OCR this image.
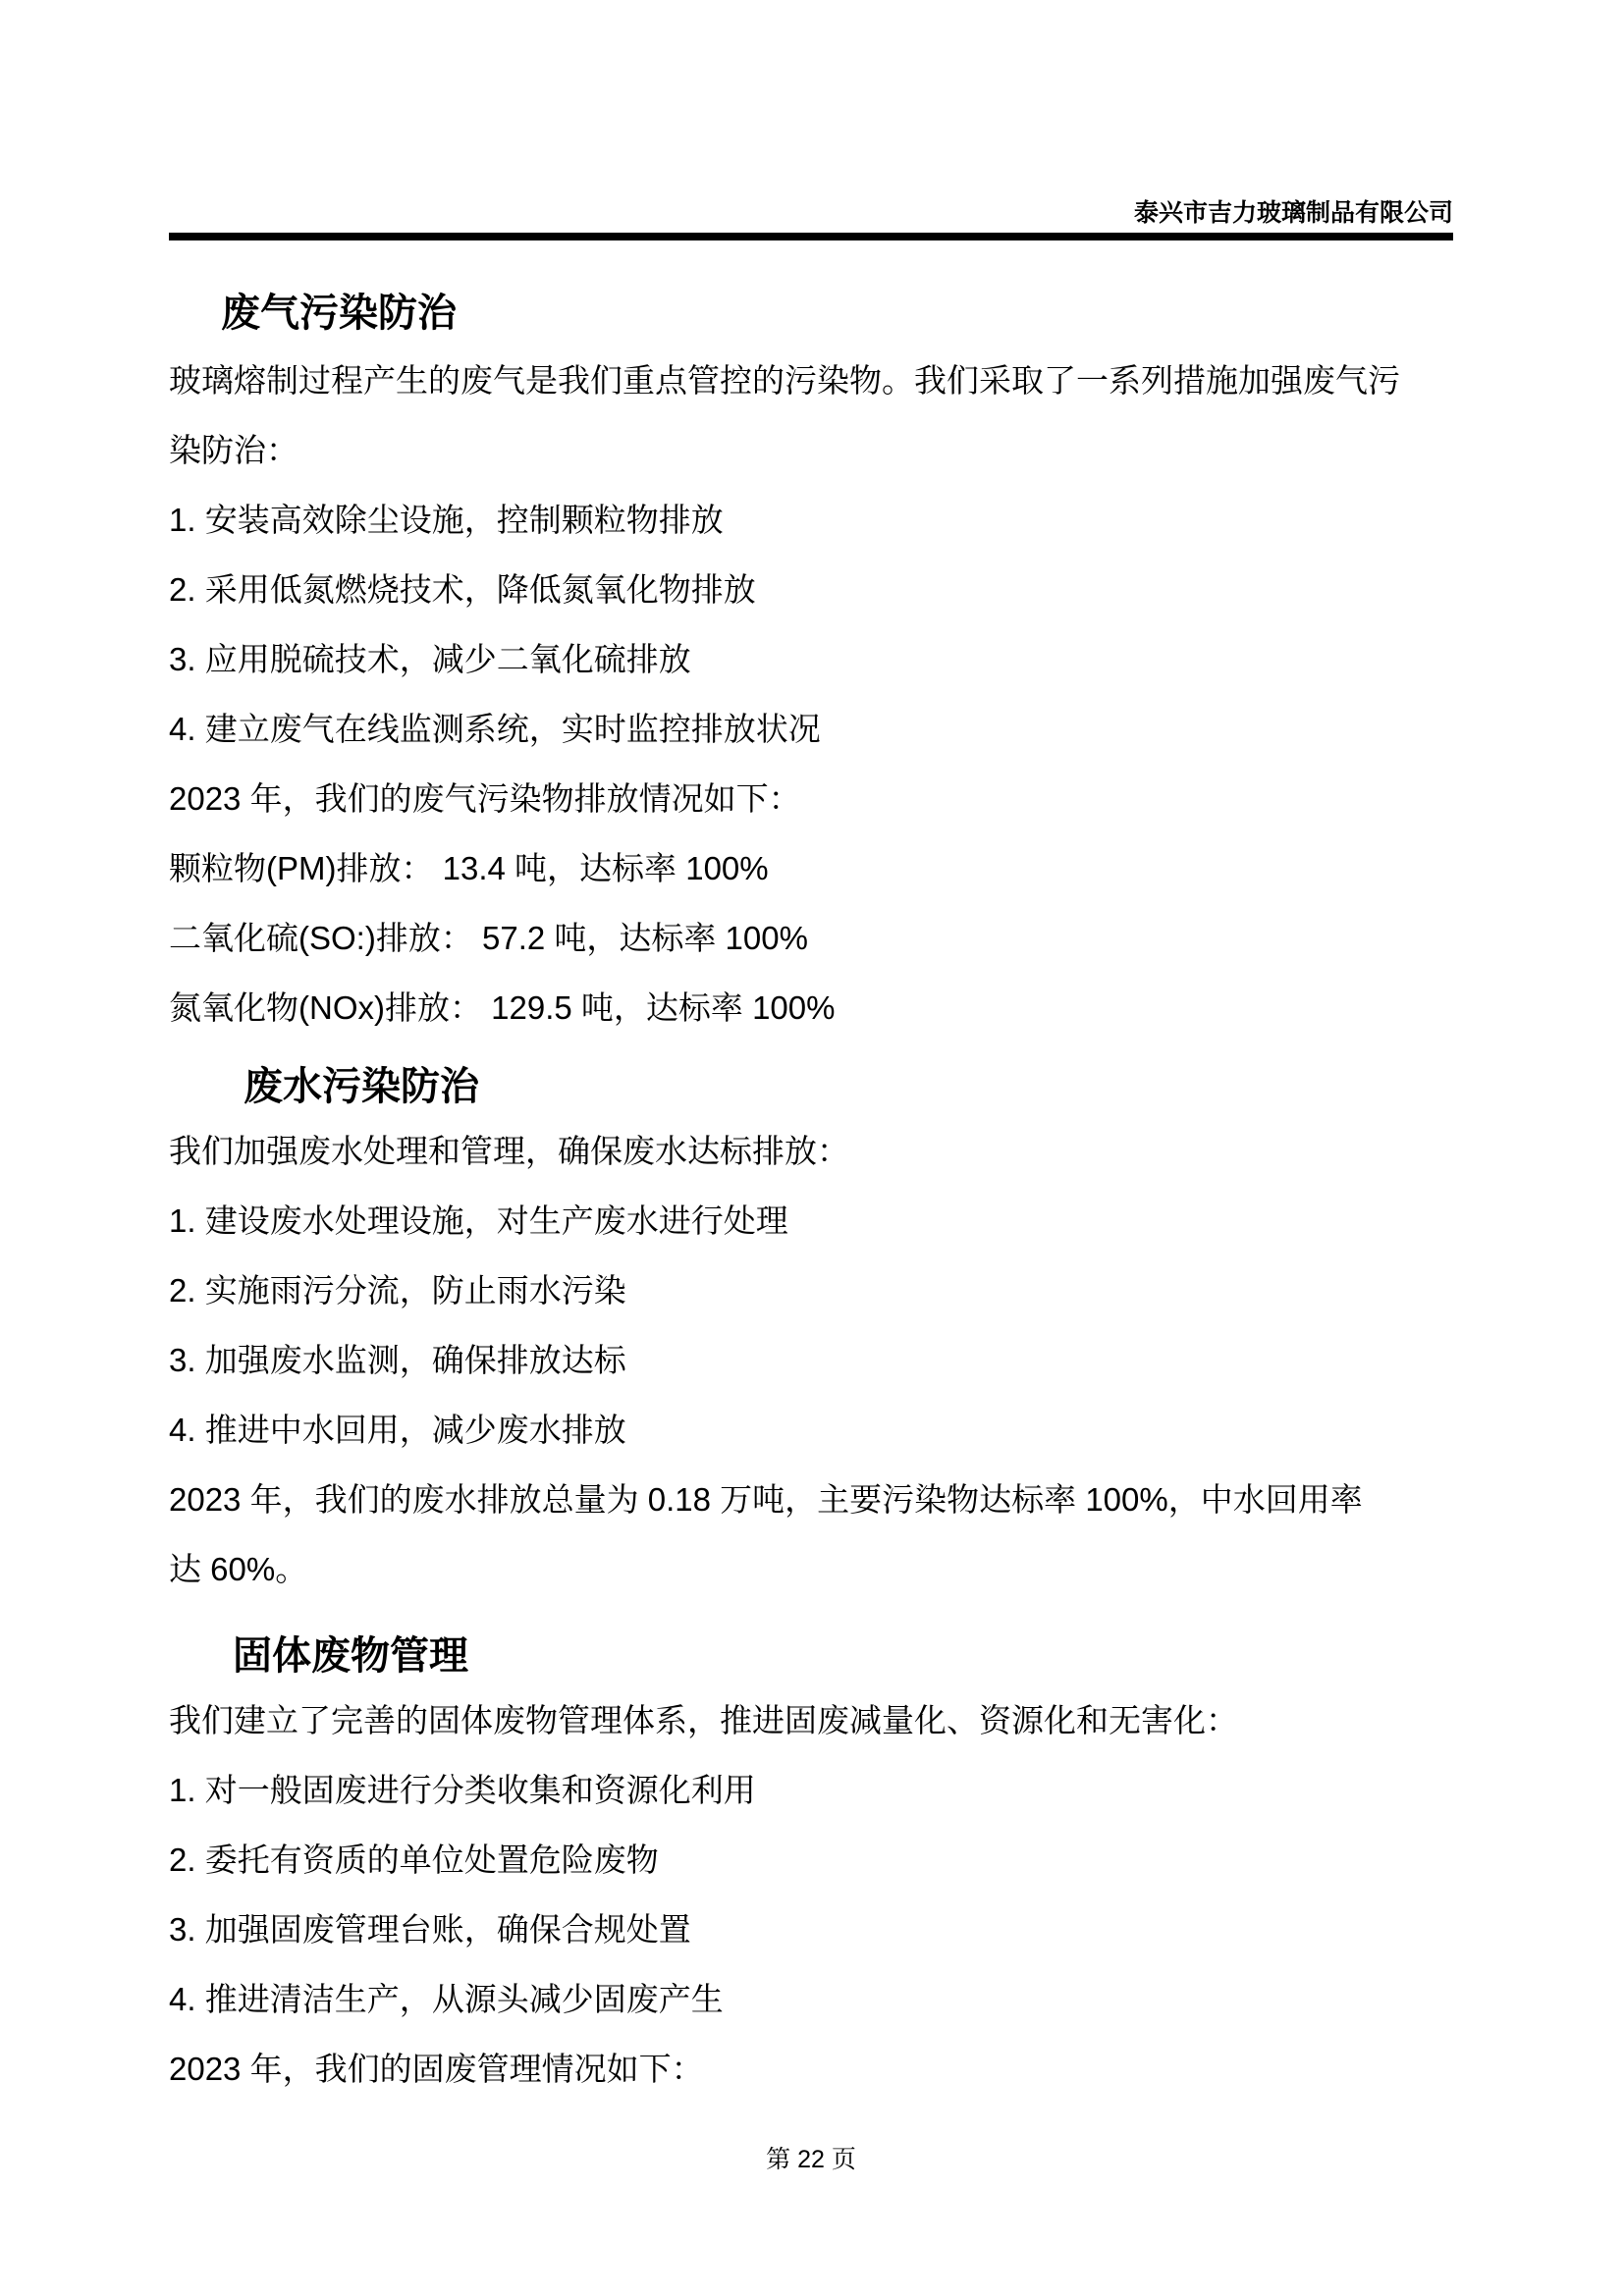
泰兴市吉力玻璃制品有限公司
废气污染防治

玻璃熔制过程产生的废气是我们重点管控的污染物。我们采取了一系列措施加强废气污

染防治：

1. 安装高效除尘设施，控制颗粒物排放

2. 采用低氮燃烧技术，降低氮氧化物排放

3. 应用脱硫技术，减少二氧化硫排放

4. 建立废气在线监测系统，实时监控排放状况

2023 年，我们的废气污染物排放情况如下：

颗粒物(PM)排放： 13.4 吨，达标率 100%

二氧化硫(SO:)排放： 57.2 吨，达标率 100%

氮氧化物(NOx)排放： 129.5 吨，达标率 100%

废水污染防治

我们加强废水处理和管理，确保废水达标排放：

1. 建设废水处理设施，对生产废水进行处理

2. 实施雨污分流，防止雨水污染

3. 加强废水监测，确保排放达标

4. 推进中水回用，减少废水排放

2023 年，我们的废水排放总量为 0.18 万吨，主要污染物达标率 100%，中水回用率

达 60%。

固体废物管理

我们建立了完善的固体废物管理体系，推进固废减量化、资源化和无害化：

1. 对一般固废进行分类收集和资源化利用

2. 委托有资质的单位处置危险废物

3. 加强固废管理台账，确保合规处置

4. 推进清洁生产，从源头减少固废产生

2023 年，我们的固废管理情况如下：

第 22 页
